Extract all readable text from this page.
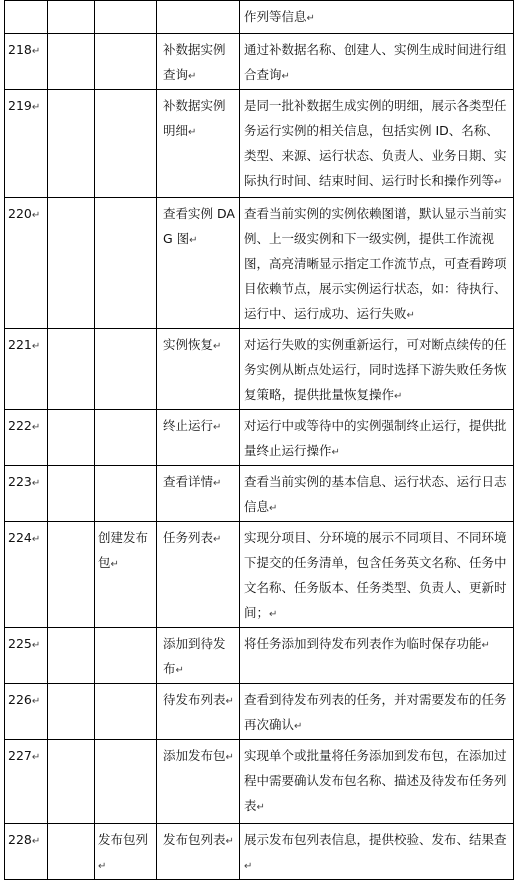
				作列等信息↵
218↵			补数据实例查询↵	通过补数据名称、创建人、实例生成时间进行组合查询↵
219↵			补数据实例明细↵	是同一批补数据生成实例的明细，展示各类型任务运行实例的相关信息，包括实例 ID、名称、类型、来源、运行状态、负责人、业务日期、实际执行时间、结束时间、运行时长和操作列等↵
220↵			查看实例 DAG 图↵	查看当前实例的实例依赖图谱，默认显示当前实例、上一级实例和下一级实例，提供工作流视图，高亮清晰显示指定工作流节点，可查看跨项目依赖节点，展示实例运行状态，如：待执行、运行中、运行成功、运行失败↵
221↵			实例恢复↵	对运行失败的实例重新运行，可对断点续传的任务实例从断点处运行，同时选择下游失败任务恢复策略，提供批量恢复操作↵
222↵			终止运行↵	对运行中或等待中的实例强制终止运行，提供批量终止运行操作↵
223↵			查看详情↵	查看当前实例的基本信息、运行状态、运行日志信息↵
224↵		创建发布包↵	任务列表↵	实现分项目、分环境的展示不同项目、不同环境下提交的任务清单，包含任务英文名称、任务中文名称、任务版本、任务类型、负责人、更新时间；↵
225↵			添加到待发布↵	将任务添加到待发布列表作为临时保存功能↵
226↵			待发布列表↵	查看到待发布列表的任务，并对需要发布的任务再次确认↵
227↵			添加发布包↵	实现单个或批量将任务添加到发布包，在添加过程中需要确认发布包名称、描述及待发布任务列表↵
228↵		发布包列↵	发布包列表↵	展示发布包列表信息，提供校验、发布、结果查↵
